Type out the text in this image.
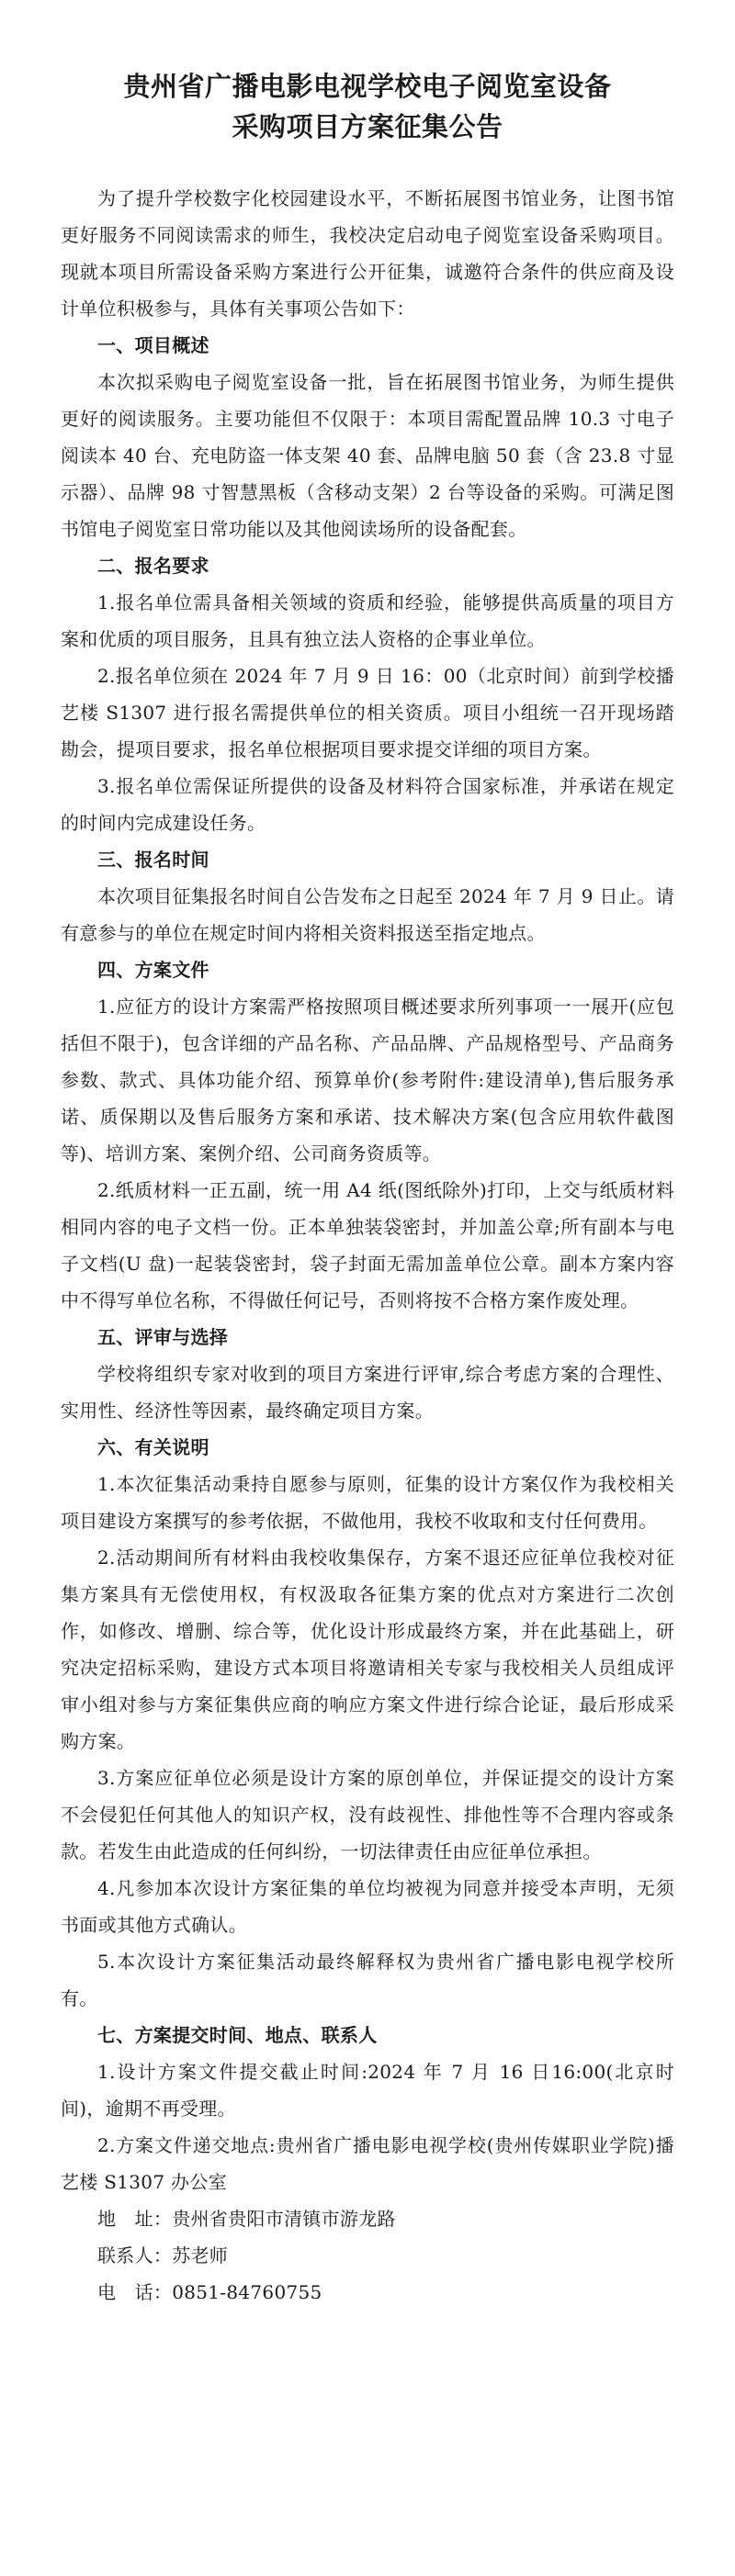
贵州省广播电影电视学校电子阅览室设备
采购项目方案征集公告

为了提升学校数字化校园建设水平，不断拓展图书馆业务，让图书馆更好服务不同阅读需求的师生，我校决定启动电子阅览室设备采购项目。现就本项目所需设备采购方案进行公开征集，诚邀符合条件的供应商及设计单位积极参与，具体有关事项公告如下：

一、项目概述

本次拟采购电子阅览室设备一批，旨在拓展图书馆业务，为师生提供更好的阅读服务。主要功能但不仅限于：本项目需配置品牌 10.3 寸电子阅读本 40 台、充电防盗一体支架 40 套、品牌电脑 50 套（含 23.8 寸显示器）、品牌 98 寸智慧黑板（含移动支架）2 台等设备的采购。可满足图书馆电子阅览室日常功能以及其他阅读场所的设备配套。

二、报名要求

1.报名单位需具备相关领域的资质和经验，能够提供高质量的项目方案和优质的项目服务，且具有独立法人资格的企事业单位。

2.报名单位须在 2024 年 7 月 9 日 16：00（北京时间）前到学校播艺楼 S1307 进行报名需提供单位的相关资质。项目小组统一召开现场踏勘会，提项目要求，报名单位根据项目要求提交详细的项目方案。

3.报名单位需保证所提供的设备及材料符合国家标准，并承诺在规定的时间内完成建设任务。

三、报名时间

本次项目征集报名时间自公告发布之日起至 2024 年 7 月 9 日止。请有意参与的单位在规定时间内将相关资料报送至指定地点。

四、方案文件

1.应征方的设计方案需严格按照项目概述要求所列事项一一展开(应包括但不限于)，包含详细的产品名称、产品品牌、产品规格型号、产品商务参数、款式、具体功能介绍、预算单价(参考附件:建设清单),售后服务承诺、质保期以及售后服务方案和承诺、技术解决方案(包含应用软件截图等)、培训方案、案例介绍、公司商务资质等。

2.纸质材料一正五副，统一用 A4 纸(图纸除外)打印，上交与纸质材料相同内容的电子文档一份。正本单独装袋密封，并加盖公章;所有副本与电子文档(U 盘)一起装袋密封，袋子封面无需加盖单位公章。副本方案内容中不得写单位名称，不得做任何记号，否则将按不合格方案作废处理。

五、评审与选择

学校将组织专家对收到的项目方案进行评审,综合考虑方案的合理性、实用性、经济性等因素，最终确定项目方案。

六、有关说明

1.本次征集活动秉持自愿参与原则，征集的设计方案仅作为我校相关项目建设方案撰写的参考依据，不做他用，我校不收取和支付任何费用。

2.活动期间所有材料由我校收集保存，方案不退还应征单位我校对征集方案具有无偿使用权，有权汲取各征集方案的优点对方案进行二次创作，如修改、增删、综合等，优化设计形成最终方案，并在此基础上，研究决定招标采购，建设方式本项目将邀请相关专家与我校相关人员组成评审小组对参与方案征集供应商的响应方案文件进行综合论证，最后形成采购方案。

3.方案应征单位必须是设计方案的原创单位，并保证提交的设计方案不会侵犯任何其他人的知识产权，没有歧视性、排他性等不合理内容或条款。若发生由此造成的任何纠纷，一切法律责任由应征单位承担。

4.凡参加本次设计方案征集的单位均被视为同意并接受本声明，无须书面或其他方式确认。

5.本次设计方案征集活动最终解释权为贵州省广播电影电视学校所有。

七、方案提交时间、地点、联系人

1.设计方案文件提交截止时间:2024 年 7 月 16 日16:00(北京时间)，逾期不再受理。

2.方案文件递交地点:贵州省广播电影电视学校(贵州传媒职业学院)播艺楼 S1307 办公室

地　址：贵州省贵阳市清镇市游龙路

联系人：苏老师

电　话：0851-84760755
